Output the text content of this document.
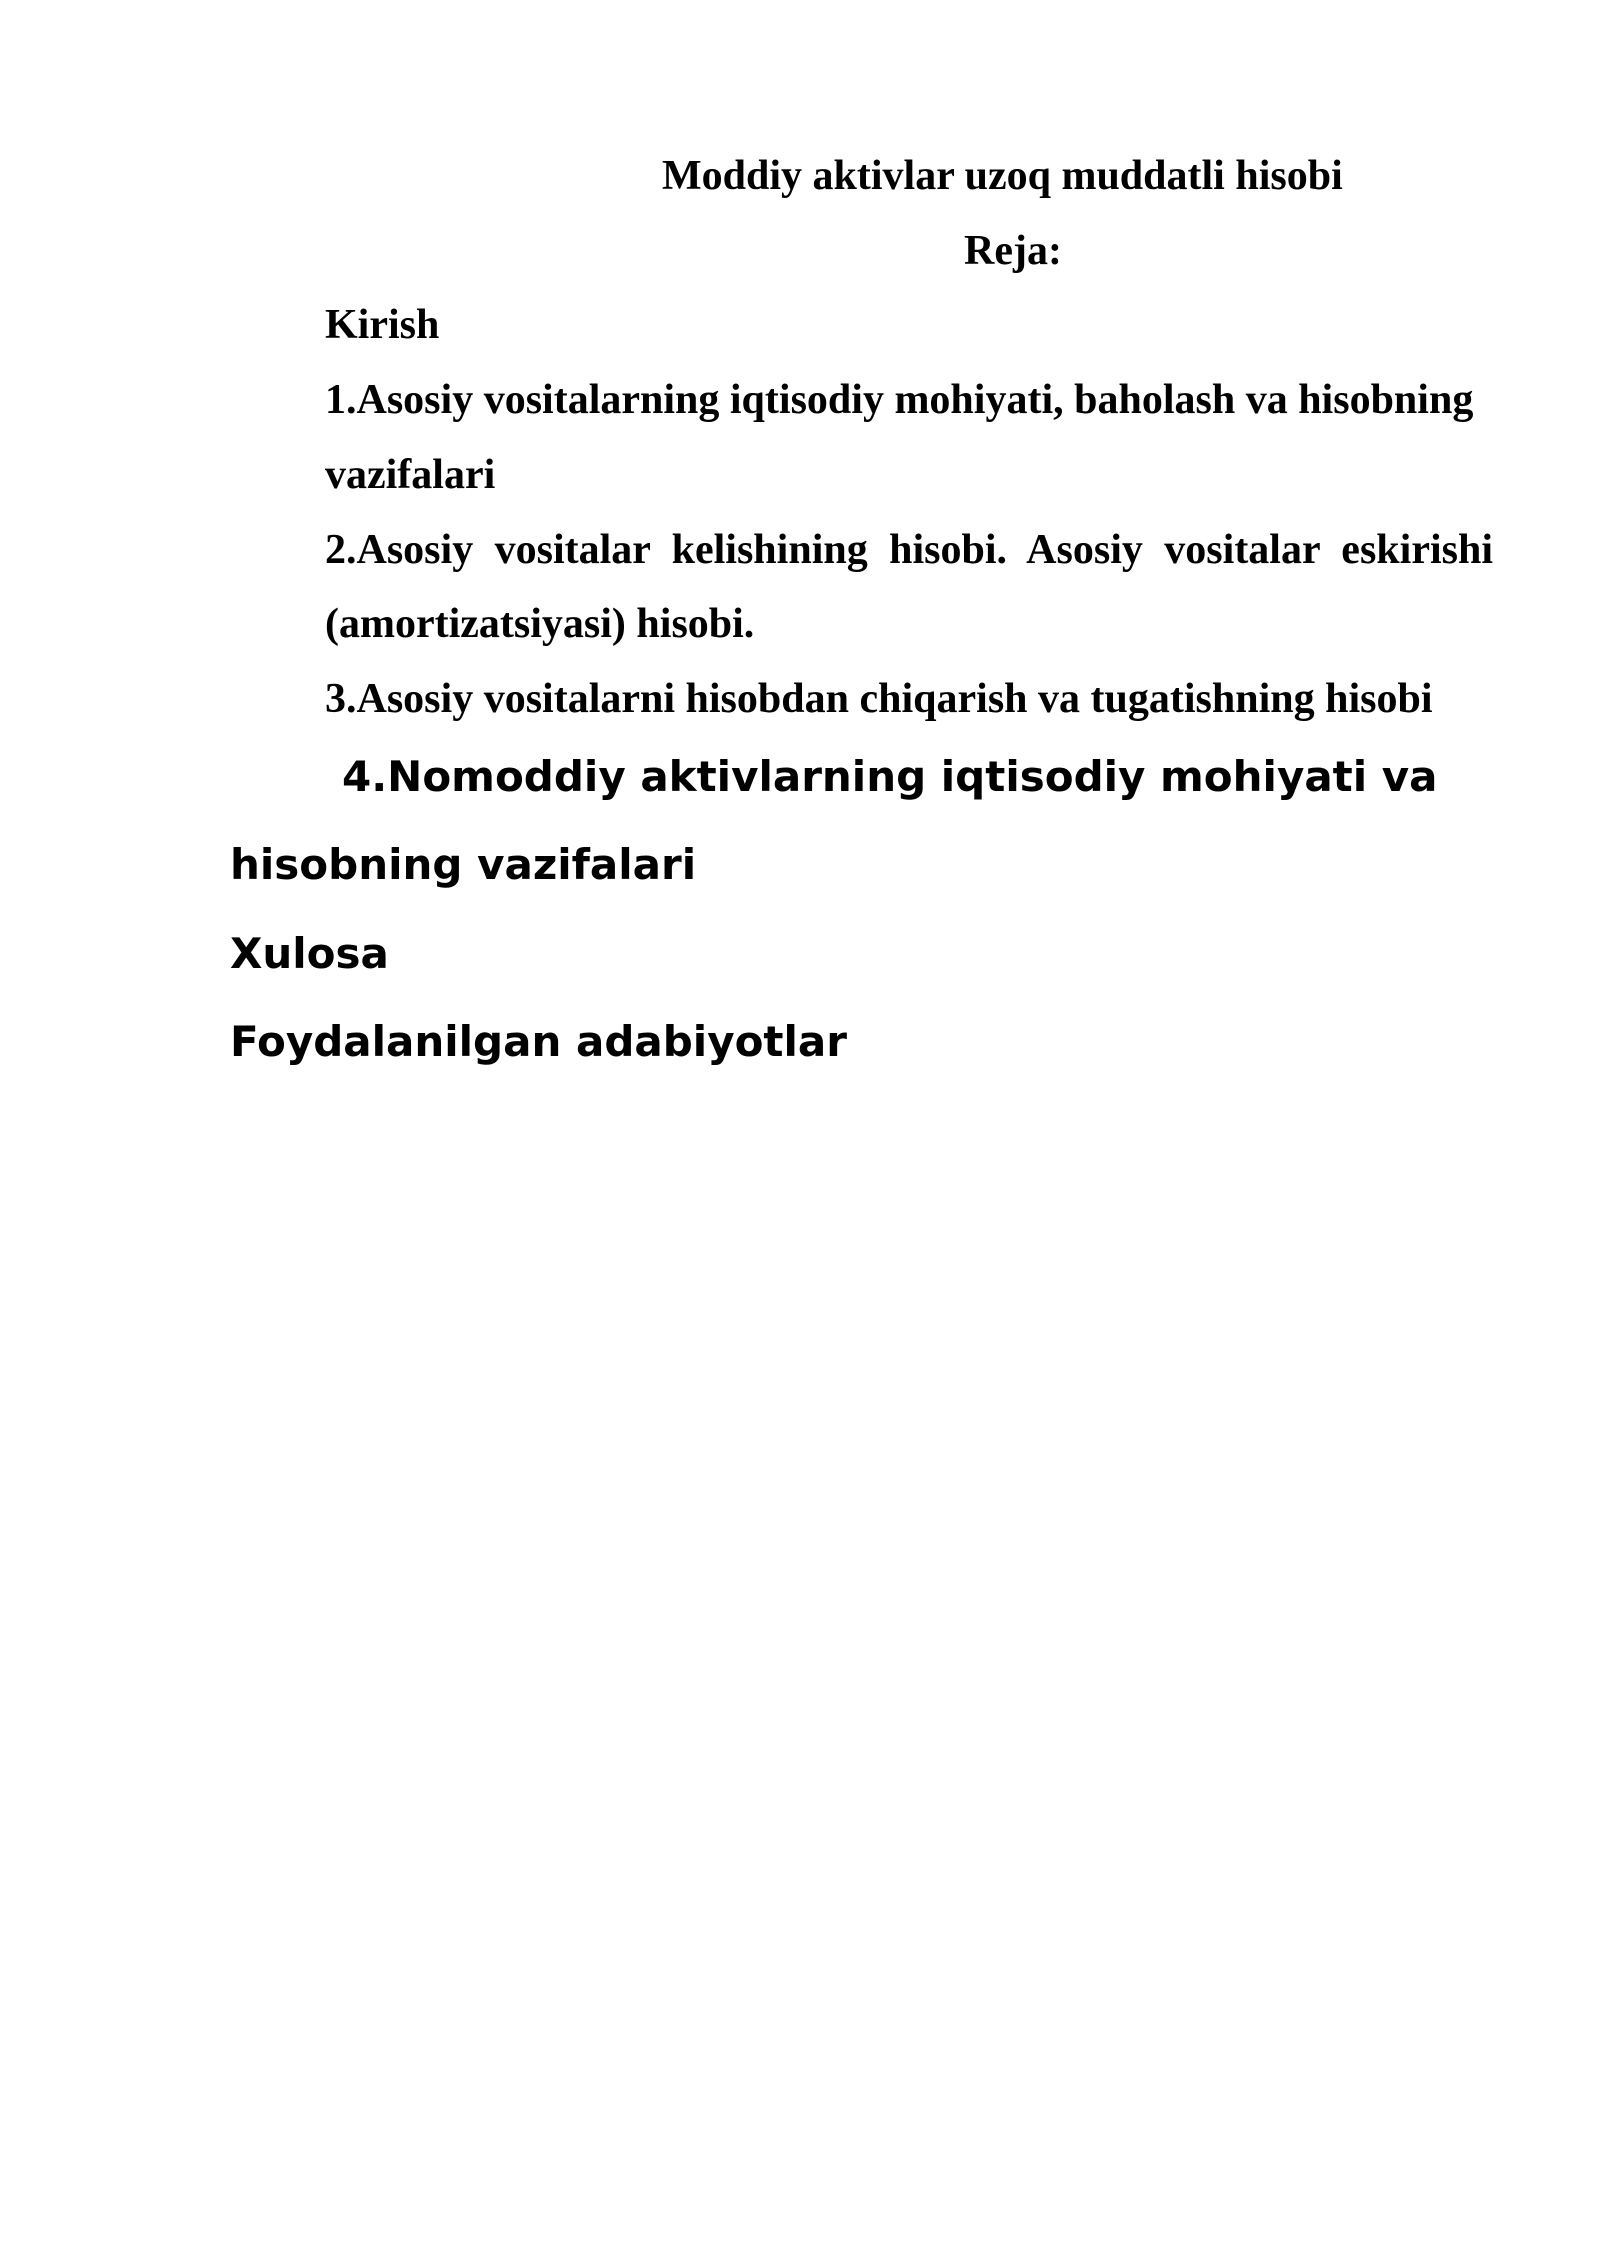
Moddiy aktivlar uzoq muddatli hisobi
Reja:
Kirish
1.Asosiy vositalarning iqtisodiy mohiyati, baholash va hisobning
vazifalari
2.Asosiy vositalar kelishining hisobi. Asosiy vositalar eskirishi
(amortizatsiyasi) hisobi.
3.Asosiy vositalarni hisobdan chiqarish va tugatishning hisobi
4.Nomoddiy aktivlarning iqtisodiy mohiyati va
hisobning vazifalari
Xulosa
Foydalanilgan adabiyotlar
